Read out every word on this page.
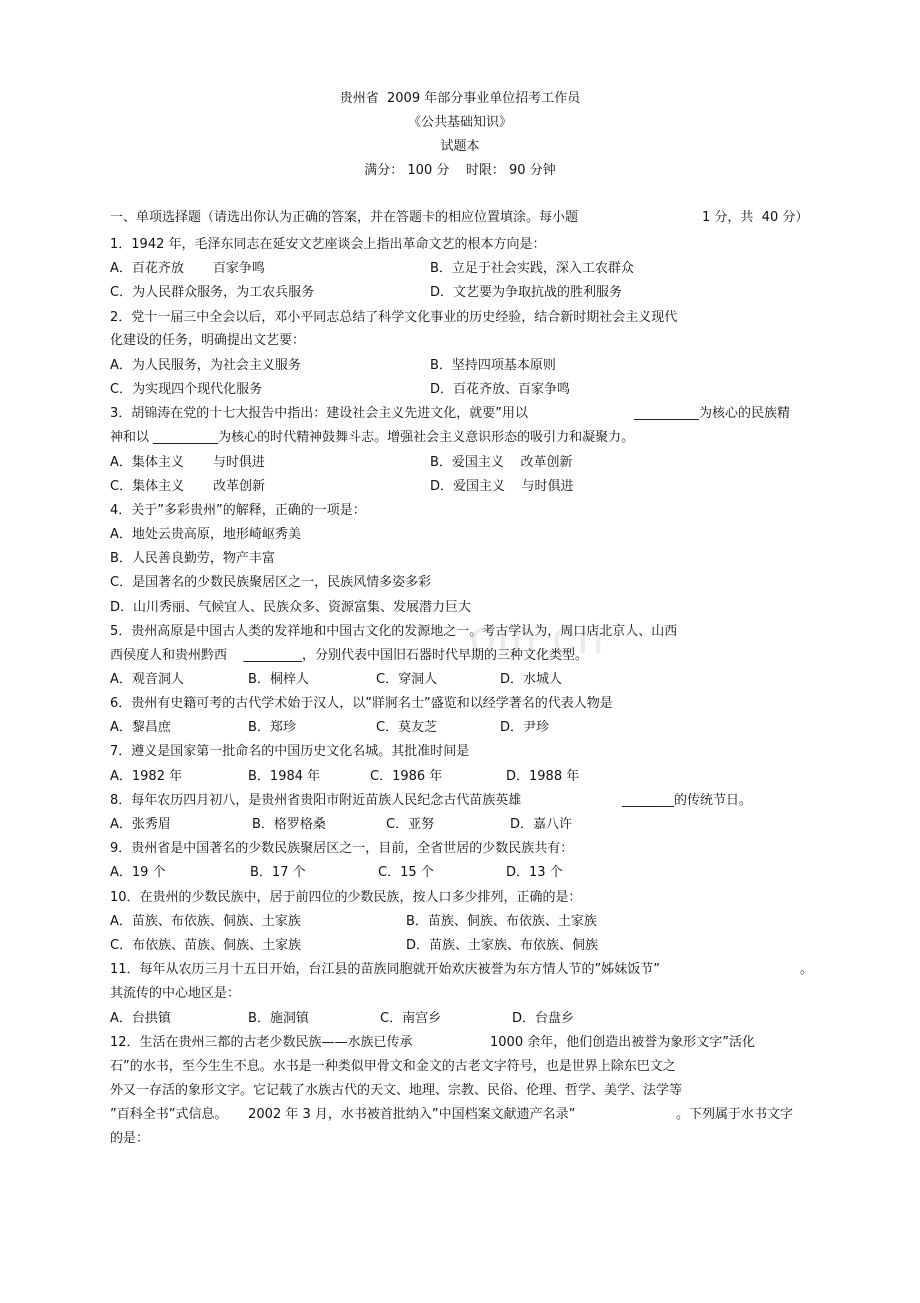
om.cn
贵州省  2009 年部分事业单位招考工作员
《公共基础知识》
试题本
满分： 100 分    时限： 90 分钟
一、单项选择题（请选出你认为正确的答案，并在答题卡的相应位置填涂。每小题	1 分，共  40 分）
1．1942 年，毛泽东同志在延安文艺座谈会上指出革命文艺的根本方向是：
A．百花齐放       百家争鸣	B．立足于社会实践，深入工农群众
C．为人民群众服务，为工农兵服务	D．文艺要为争取抗战的胜利服务
2．党十一届三中全会以后，邓小平同志总结了科学文化事业的历史经验，结合新时期社会主义现代
化建设的任务，明确提出文艺要：
A．为人民服务，为社会主义服务	B．坚持四项基本原则
C．为实现四个现代化服务	D．百花齐放、百家争鸣
3．胡锦涛在党的十七大报告中指出：建设社会主义先进文化，就要”用以	__________为核心的民族精
神和以 __________为核心的时代精神鼓舞斗志。增强社会主义意识形态的吸引力和凝聚力。
A．集体主义       与时俱进	B．爱国主义    改革创新
C．集体主义       改革创新	D．爱国主义    与时俱进
4．关于”多彩贵州”的解释，正确的一项是：
A．地处云贵高原，地形崎岖秀美
B．人民善良勤劳，物产丰富
C．是国著名的少数民族聚居区之一，民族风情多姿多彩
D．山川秀丽、气候宜人、民族众多、资源富集、发展潜力巨大
5．贵州高原是中国古人类的发祥地和中国古文化的发源地之一。考古学认为，周口店北京人、山西
西侯度人和贵州黔西    _________，分别代表中国旧石器时代早期的三种文化类型。
A．观音洞人	B．桐梓人	C．穿洞人	D．水城人
6．贵州有史籍可考的古代学术始于汉人，以”牂牁名士”盛览和以经学著名的代表人物是
A．黎昌庶	B．郑珍	C．莫友芝	D．尹珍
7．遵义是国家第一批命名的中国历史文化名城。其批准时间是
A．1982 年	B．1984 年	C．1986 年	D．1988 年
8．每年农历四月初八，是贵州省贵阳市附近苗族人民纪念古代苗族英雄	________的传统节日。
A．张秀眉	B．格罗格桑	C．亚努	D．嘉八许
9．贵州省是中国著名的少数民族聚居区之一，目前，全省世居的少数民族共有：
A．19 个	B．17 个	C．15 个	D．13 个
10．在贵州的少数民族中，居于前四位的少数民族，按人口多少排列，正确的是：
A．苗族、布依族、侗族、土家族	B．苗族、侗族、布依族、土家族
C．布依族、苗族、侗族、土家族	D．苗族、土家族、布依族、侗族
11．每年从农历三月十五日开始，台江县的苗族同胞就开始欢庆被誉为东方情人节的”姊妹饭节”	。
其流传的中心地区是：
A．台拱镇	B．施洞镇	C．南宫乡	D．台盘乡
12．生活在贵州三都的古老少数民族——水族已传承	1000 余年，他们创造出被誉为象形文字”活化
石”的水书，至今生生不息。水书是一种类似甲骨文和金文的古老文字符号，也是世界上除东巴文之
外又一存活的象形文字。它记载了水族古代的天文、地理、宗教、民俗、伦理、哲学、美学、法学等
”百科全书”式信息。     2002 年 3 月，水书被首批纳入”中国档案文献遗产名录”	。下列属于水书文字
的是：
